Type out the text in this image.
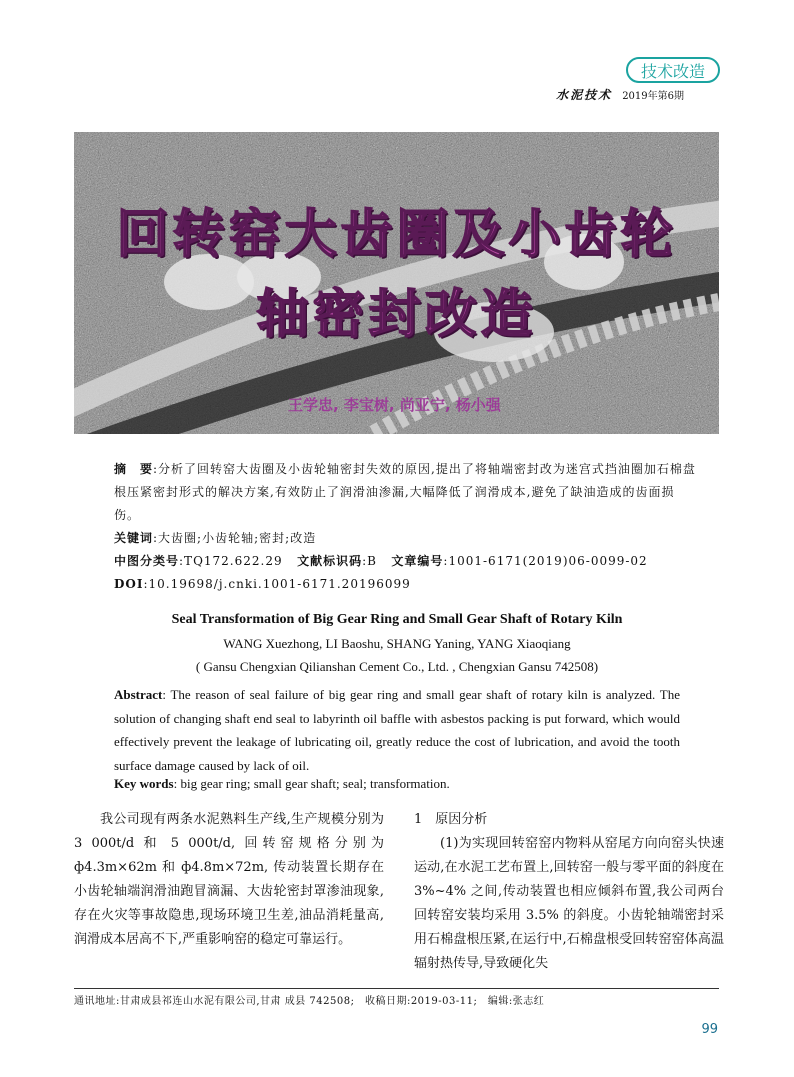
技术改造
水泥技术 2019年第6期
回转窑大齿圈及小齿轮
轴密封改造
王学忠, 李宝树, 尚亚宁, 杨小强
摘　要:分析了回转窑大齿圈及小齿轮轴密封失效的原因,提出了将轴端密封改为迷宫式挡油圈加石棉盘根压紧密封形式的解决方案,有效防止了润滑油渗漏,大幅降低了润滑成本,避免了缺油造成的齿面损伤。
关键词:大齿圈;小齿轮轴;密封;改造
中图分类号:TQ172.622.29 文献标识码:B 文章编号:1001-6171(2019)06-0099-02
DOI:10.19698/j.cnki.1001-6171.20196099
Seal Transformation of Big Gear Ring and Small Gear Shaft of Rotary Kiln
WANG Xuezhong, LI Baoshu, SHANG Yaning, YANG Xiaoqiang
( Gansu Chengxian Qilianshan Cement Co., Ltd. , Chengxian Gansu 742508)
Abstract: The reason of seal failure of big gear ring and small gear shaft of rotary kiln is analyzed. The solution of changing shaft end seal to labyrinth oil baffle with asbestos packing is put forward, which would effectively prevent the leakage of lubricating oil, greatly reduce the cost of lubrication, and avoid the tooth surface damage caused by lack of oil.
Key words: big gear ring; small gear shaft; seal; transformation.
我公司现有两条水泥熟料生产线,生产规模分别为 3 000t/d 和 5 000t/d, 回转窑规格分别为 ф4.3m×62m 和 ф4.8m×72m, 传动装置长期存在小齿轮轴端润滑油跑冒滴漏、大齿轮密封罩渗油现象,存在火灾等事故隐患,现场环境卫生差,油品消耗量高,润滑成本居高不下,严重影响窑的稳定可靠运行。
1　原因分析
(1)为实现回转窑窑内物料从窑尾方向向窑头快速运动,在水泥工艺布置上,回转窑一般与零平面的斜度在 3%~4% 之间,传动装置也相应倾斜布置,我公司两台回转窑安装均采用 3.5% 的斜度。小齿轮轴端密封采用石棉盘根压紧,在运行中,石棉盘根受回转窑窑体高温辐射热传导,导致硬化失
通讯地址:甘肃成县祁连山水泥有限公司,甘肃 成县 742508;　收稿日期:2019-03-11;　编辑:张志红
99
